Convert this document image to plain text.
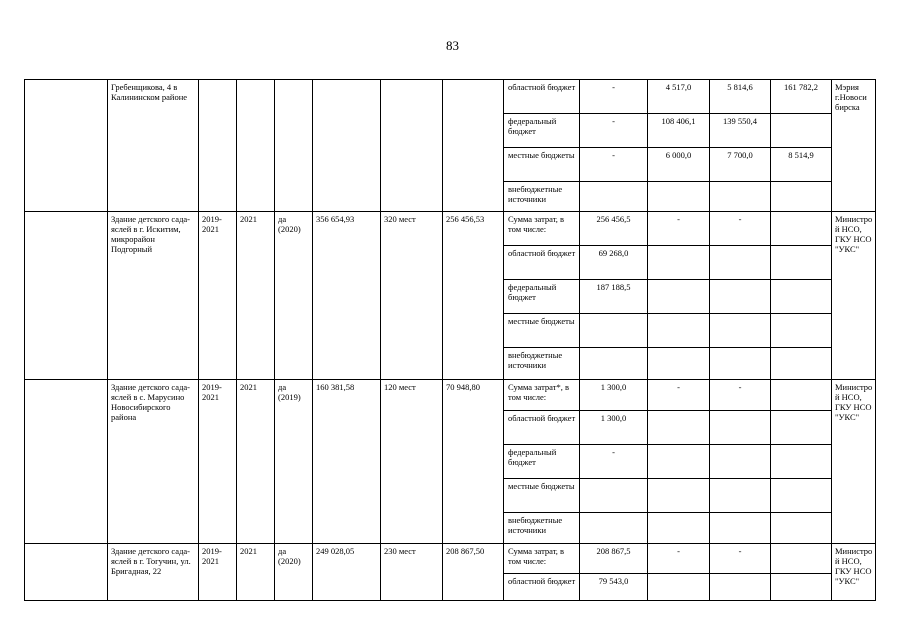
83
	Гребенщикова, 4 в Калининском районе							областной бюджет	-	4 517,0	5 814,6	161 782,2	Мэрия г.Новоси бирска
								федеральный бюджет	-	108 406,1	139 550,4		
								местные бюджеты	-	6 000,0	7 700,0	8 514,9	
								внебюджетные источники					
	Здание детского сада-яслей в г. Искитим, микрорайон Подгорный	2019-2021	2021	да (2020)	356 654,93	320 мест	256 456,53	Сумма затрат, в том числе:	256 456,5	-	-		Министро й НСО, ГКУ НСО "УКС"
								областной бюджет	69 268,0				
								федеральный бюджет	187 188,5				
								местные бюджеты					
								внебюджетные источники					
	Здание детского сада-яслей в с. Марусино Новосибирского района	2019-2021	2021	да (2019)	160 381,58	120 мест	70 948,80	Сумма затрат*, в том числе:	1 300,0	-	-		Министро й НСО, ГКУ НСО "УКС"
								областной бюджет	1 300,0				
								федеральный бюджет	-				
								местные бюджеты					
								внебюджетные источники					
	Здание детского сада-яслей в г. Тогучин, ул. Бригадная, 22	2019-2021	2021	да (2020)	249 028,05	230 мест	208 867,50	Сумма затрат, в том числе:	208 867,5	-	-		Министро й НСО, ГКУ НСО "УКС"
								областной бюджет	79 543,0				
